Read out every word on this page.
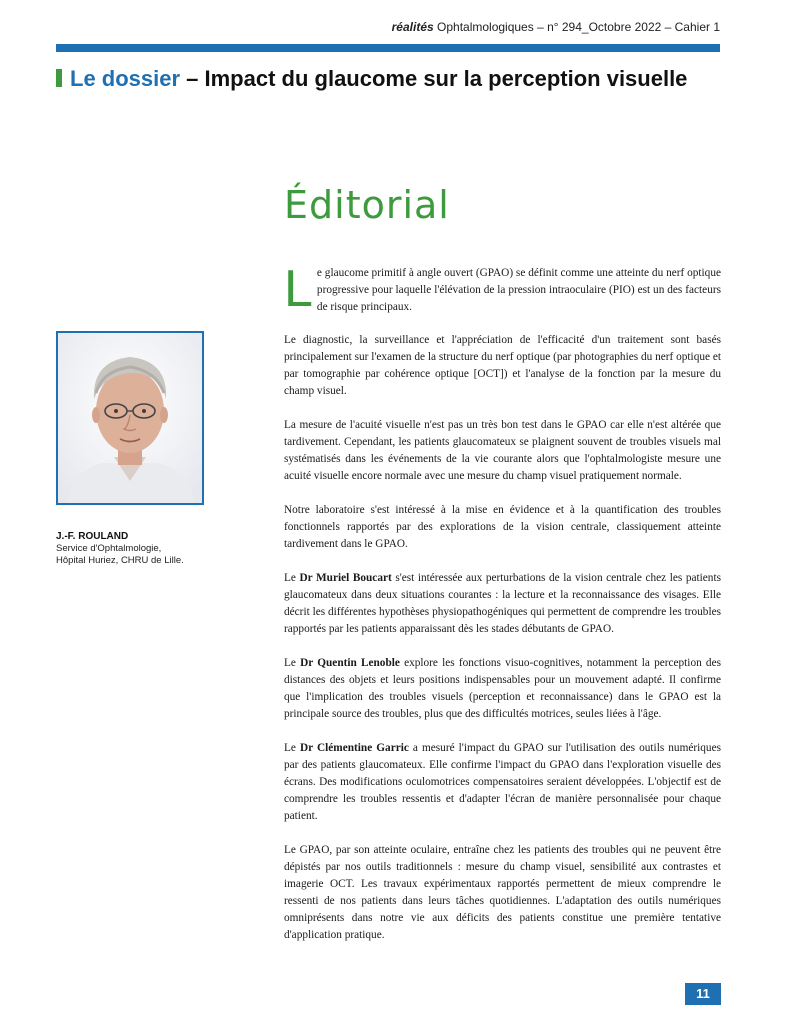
réalités Ophtalmologiques – n° 294_Octobre 2022 – Cahier 1
Le dossier – Impact du glaucome sur la perception visuelle
Éditorial
J.-F. ROULAND
Service d'Ophtalmologie,
Hôpital Huriez, CHRU de Lille.

Le glaucome primitif à angle ouvert (GPAO) se définit comme une atteinte du nerf optique progressive pour laquelle l'élévation de la pression intraoculaire (PIO) est un des facteurs de risque principaux.

Le diagnostic, la surveillance et l'appréciation de l'efficacité d'un traitement sont basés principalement sur l'examen de la structure du nerf optique (par photographies du nerf optique et par tomographie par cohérence optique [OCT]) et l'analyse de la fonction par la mesure du champ visuel.

La mesure de l'acuité visuelle n'est pas un très bon test dans le GPAO car elle n'est altérée que tardivement. Cependant, les patients glaucomateux se plaignent souvent de troubles visuels mal systématisés dans les événements de la vie courante alors que l'ophtalmologiste mesure une acuité visuelle encore normale avec une mesure du champ visuel pratiquement normale.

Notre laboratoire s'est intéressé à la mise en évidence et à la quantification des troubles fonctionnels rapportés par des explorations de la vision centrale, classiquement atteinte tardivement dans le GPAO.

Le Dr Muriel Boucart s'est intéressée aux perturbations de la vision centrale chez les patients glaucomateux dans deux situations courantes : la lecture et la reconnaissance des visages. Elle décrit les différentes hypothèses physiopathogéniques qui permettent de comprendre les troubles rapportés par les patients apparaissant dès les stades débutants de GPAO.

Le Dr Quentin Lenoble explore les fonctions visuo-cognitives, notamment la perception des distances des objets et leurs positions indispensables pour un mouvement adapté. Il confirme que l'implication des troubles visuels (perception et reconnaissance) dans le GPAO est la principale source des troubles, plus que des difficultés motrices, seules liées à l'âge.

Le Dr Clémentine Garric a mesuré l'impact du GPAO sur l'utilisation des outils numériques par des patients glaucomateux. Elle confirme l'impact du GPAO dans l'exploration visuelle des écrans. Des modifications oculomotrices compensatoires seraient développées. L'objectif est de comprendre les troubles ressentis et d'adapter l'écran de manière personnalisée pour chaque patient.

Le GPAO, par son atteinte oculaire, entraîne chez les patients des troubles qui ne peuvent être dépistés par nos outils traditionnels : mesure du champ visuel, sensibilité aux contrastes et imagerie OCT. Les travaux expérimentaux rapportés permettent de mieux comprendre le ressenti de nos patients dans leurs tâches quotidiennes. L'adaptation des outils numériques omniprésents dans notre vie aux déficits des patients constitue une première tentative d'application pratique.

11
